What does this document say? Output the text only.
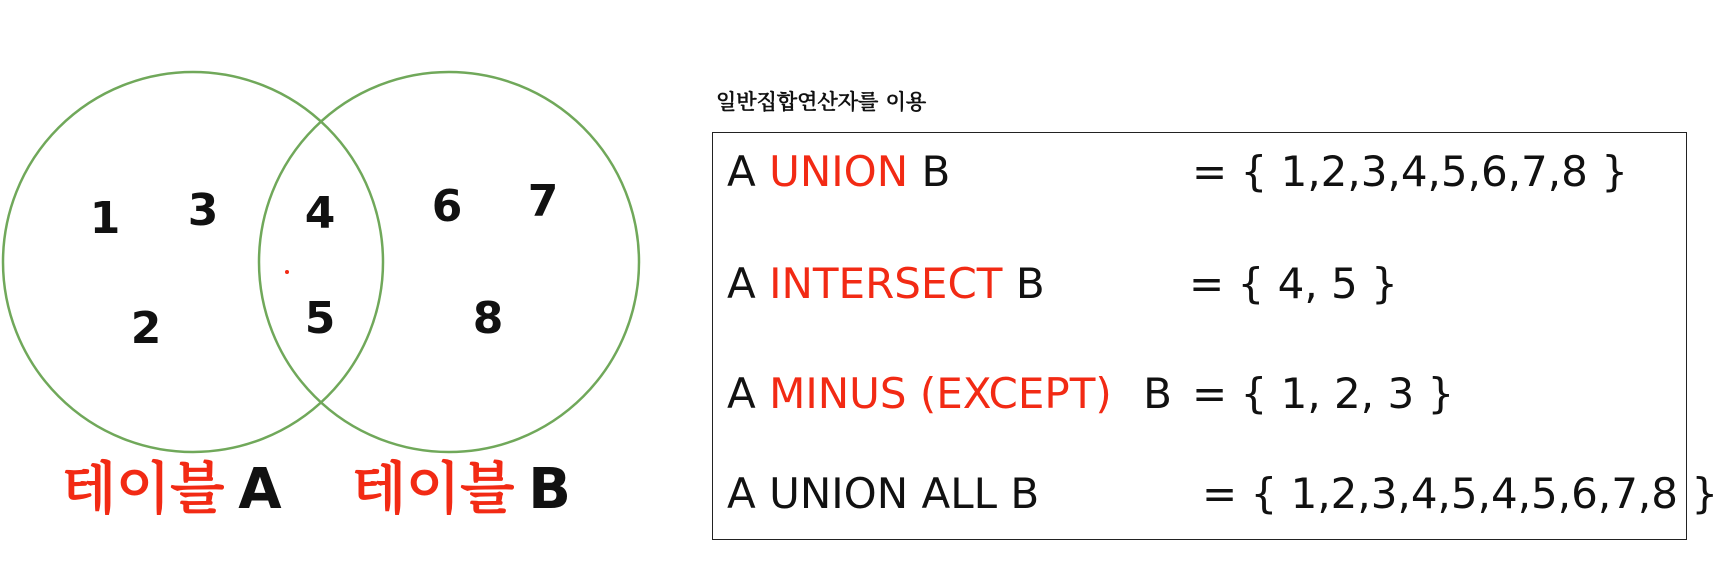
1 3
2
4
5
6 7
8
테이블 A 테이블 B
일반집합연산자를 이용
A UNION B	= { 1,2,3,4,5,6,7,8 }
A INTERSECT B	= { 4, 5 }
A MINUS (EXCEPT) B = { 1, 2, 3 }
A UNION ALL B	= { 1,2,3,4,5,4,5,6,7,8 }
